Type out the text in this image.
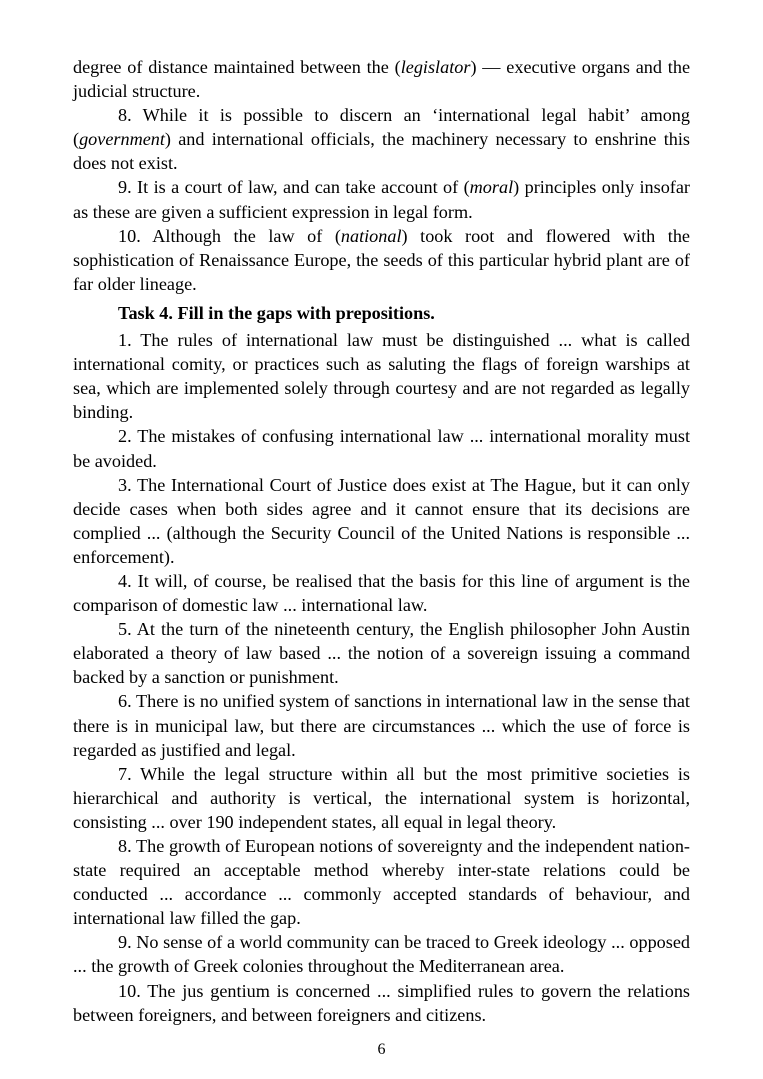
degree of distance maintained between the (legislator) — executive organs and the judicial structure.

8. While it is possible to discern an ‘international legal habit’ among (government) and international officials, the machinery necessary to enshrine this does not exist.

9. It is a court of law, and can take account of (moral) principles only insofar as these are given a sufficient expression in legal form.

10. Although the law of (national) took root and flowered with the sophistication of Renaissance Europe, the seeds of this particular hybrid plant are of far older lineage.

Task 4. Fill in the gaps with prepositions.

1. The rules of international law must be distinguished ... what is called international comity, or practices such as saluting the flags of foreign warships at sea, which are implemented solely through courtesy and are not regarded as legally binding.

2. The mistakes of confusing international law ... international morality must be avoided.

3. The International Court of Justice does exist at The Hague, but it can only decide cases when both sides agree and it cannot ensure that its decisions are complied ... (although the Security Council of the United Nations is responsible ... enforcement).

4. It will, of course, be realised that the basis for this line of argument is the comparison of domestic law ... international law.

5. At the turn of the nineteenth century, the English philosopher John Austin elaborated a theory of law based ... the notion of a sovereign issuing a command backed by a sanction or punishment.

6. There is no unified system of sanctions in international law in the sense that there is in municipal law, but there are circumstances ... which the use of force is regarded as justified and legal.

7. While the legal structure within all but the most primitive societies is hierarchical and authority is vertical, the international system is horizontal, consisting ... over 190 independent states, all equal in legal theory.

8. The growth of European notions of sovereignty and the independent nation-state required an acceptable method whereby inter-state relations could be conducted ... accordance ... commonly accepted standards of behaviour, and international law filled the gap.

9. No sense of a world community can be traced to Greek ideology ... opposed ... the growth of Greek colonies throughout the Mediterranean area.

10. The jus gentium is concerned ... simplified rules to govern the relations between foreigners, and between foreigners and citizens.

6
